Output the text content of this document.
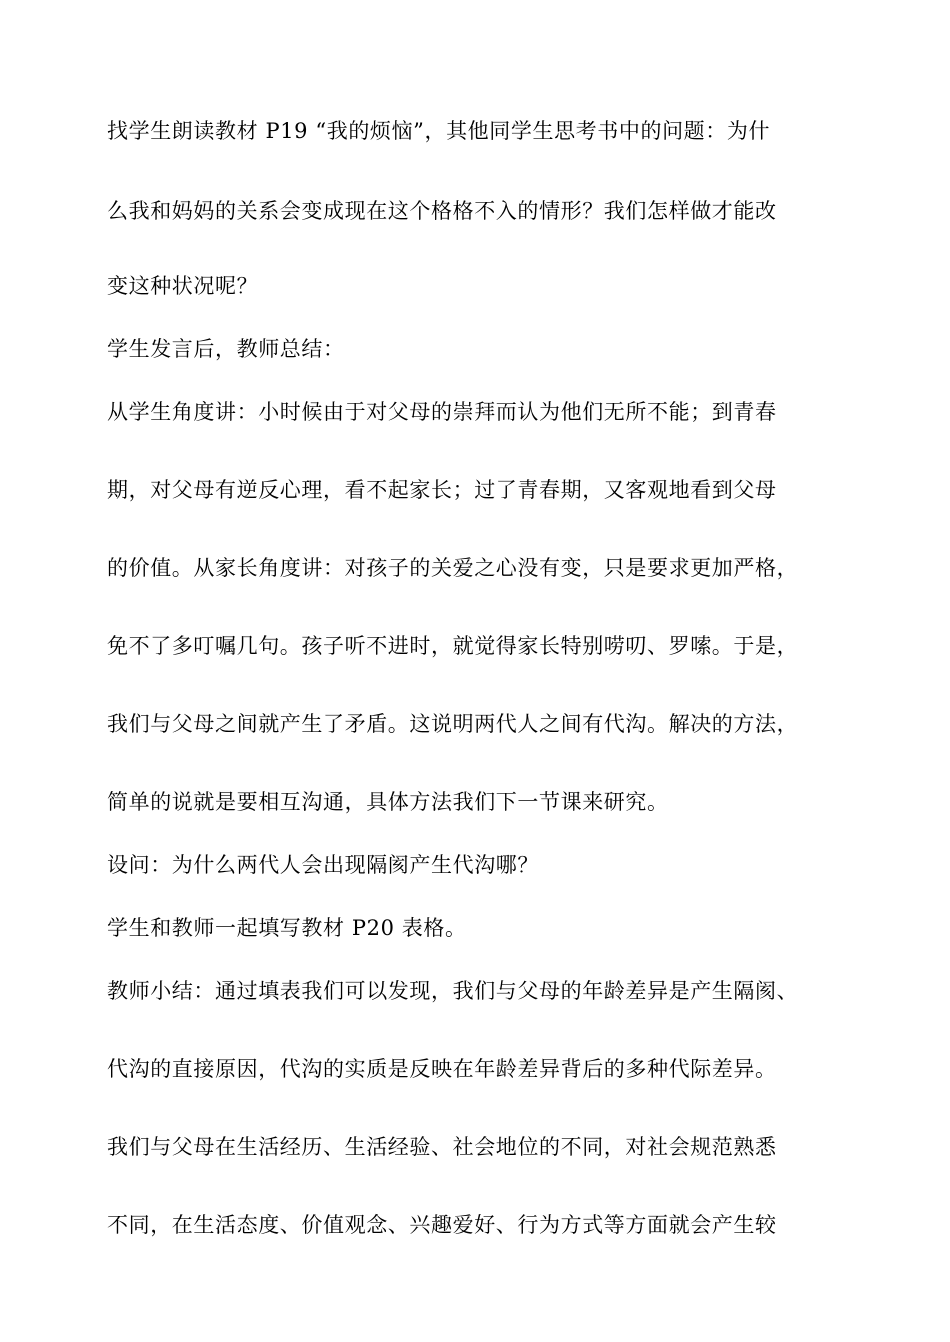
找学生朗读教材 P19 “我的烦恼”，其他同学生思考书中的问题：为什
么我和妈妈的关系会变成现在这个格格不入的情形？我们怎样做才能改
变这种状况呢？
学生发言后，教师总结：
从学生角度讲：小时候由于对父母的崇拜而认为他们无所不能；到青春
期，对父母有逆反心理，看不起家长；过了青春期，又客观地看到父母
的价值。从家长角度讲：对孩子的关爱之心没有变，只是要求更加严格，
免不了多叮嘱几句。孩子听不进时，就觉得家长特别唠叨、罗嗦。于是，
我们与父母之间就产生了矛盾。这说明两代人之间有代沟。解决的方法，
简单的说就是要相互沟通，具体方法我们下一节课来研究。
设问：为什么两代人会出现隔阂产生代沟哪？
学生和教师一起填写教材 P20 表格。
教师小结：通过填表我们可以发现，我们与父母的年龄差异是产生隔阂、
代沟的直接原因，代沟的实质是反映在年龄差异背后的多种代际差异。
我们与父母在生活经历、生活经验、社会地位的不同，对社会规范熟悉
不同，在生活态度、价值观念、兴趣爱好、行为方式等方面就会产生较
